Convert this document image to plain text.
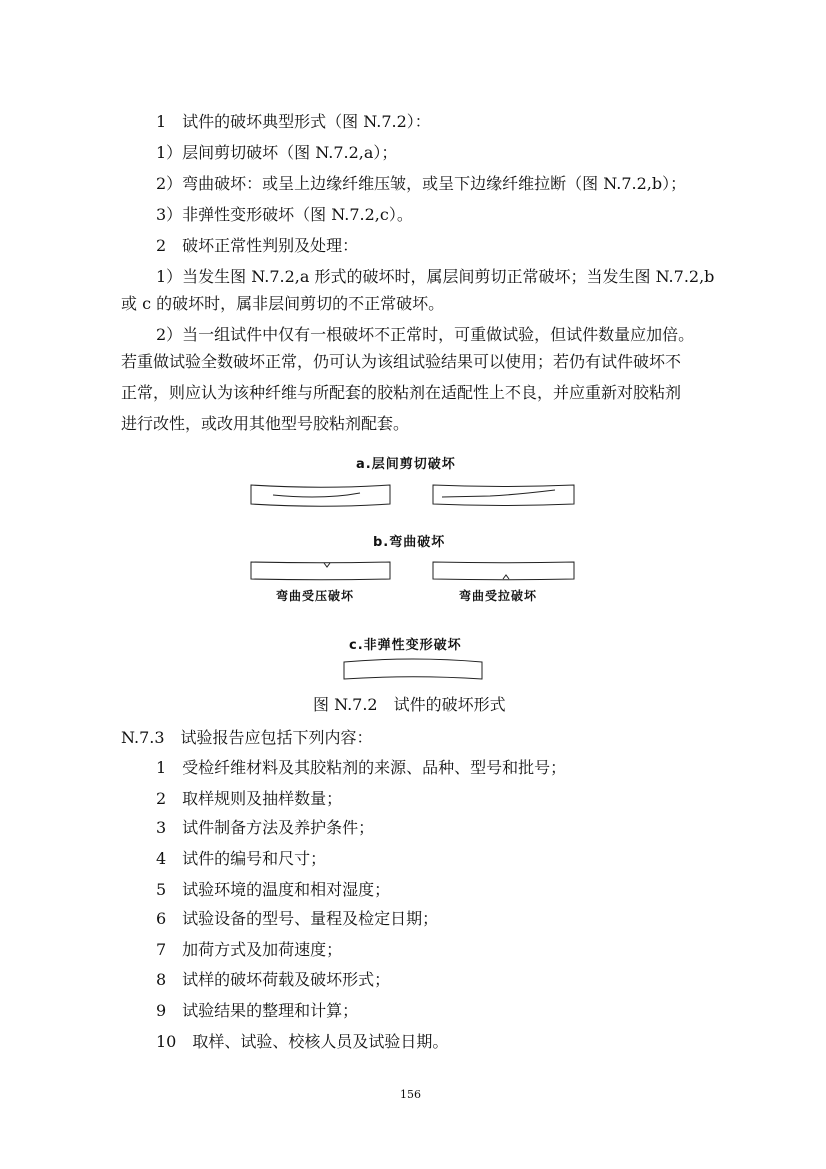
1　试件的破坏典型形式（图 N.7.2）：
1）层间剪切破坏（图 N.7.2,a）；
2）弯曲破坏：或呈上边缘纤维压皱，或呈下边缘纤维拉断（图 N.7.2,b）；
3）非弹性变形破坏（图 N.7.2,c）。
2　破坏正常性判别及处理：
1）当发生图 N.7.2,a 形式的破坏时，属层间剪切正常破坏；当发生图 N.7.2,b
或 c 的破坏时，属非层间剪切的不正常破坏。
2）当一组试件中仅有一根破坏不正常时，可重做试验，但试件数量应加倍。
若重做试验全数破坏正常，仍可认为该组试验结果可以使用；若仍有试件破坏不
正常，则应认为该种纤维与所配套的胶粘剂在适配性上不良，并应重新对胶粘剂
进行改性，或改用其他型号胶粘剂配套。
a.层间剪切破坏
b.弯曲破坏
弯曲受压破坏	弯曲受拉破坏
c.非弹性变形破坏
图 N.7.2　试件的破坏形式
N.7.3　试验报告应包括下列内容：
1　受检纤维材料及其胶粘剂的来源、品种、型号和批号；
2　取样规则及抽样数量；
3　试件制备方法及养护条件；
4　试件的编号和尺寸；
5　试验环境的温度和相对湿度；
6　试验设备的型号、量程及检定日期；
7　加荷方式及加荷速度；
8　试样的破坏荷载及破坏形式；
9　试验结果的整理和计算；
10　取样、试验、校核人员及试验日期。
156
